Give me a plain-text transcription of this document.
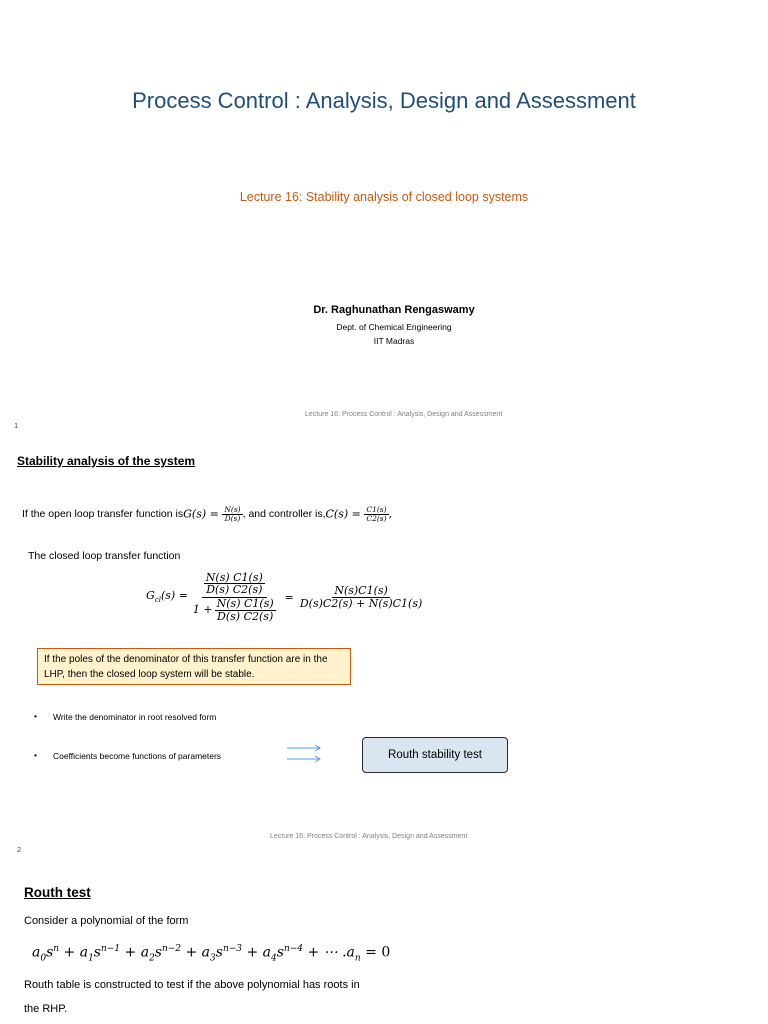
Process Control : Analysis, Design and Assessment
Lecture 16: Stability analysis of closed loop systems
Dr. Raghunathan Rengaswamy
Dept. of Chemical Engineering
IIT Madras
Lecture 16: Process Control : Analysis, Design and Assessment
1
Stability analysis of the system
If the open loop transfer function is $G(s) = \frac{N(s)}{D(s)}$ , and controller is, $C(s) = \frac{C1(s)}{C2(s)}$ ,
The closed loop transfer function
$G_{cl}(s) = \frac{\frac{N(s) C1(s)}{D(s) C2(s)}}{1 + \frac{N(s) C1(s)}{D(s) C2(s)}} = \frac{N(s)C1(s)}{D(s)C2(s) + N(s)C1(s)}$
If the poles of the denominator of this transfer function are in the LHP, then the closed loop system will be stable.
• Write the denominator in root resolved form
• Coefficients become functions of parameters	Routh stability test
Lecture 16: Process Control : Analysis, Design and Assessment
2
Routh test
Consider a polynomial of the form
$a_0s^n + a_1s^{n-1} + a_2s^{n-2} + a_3s^{n-3} + a_4s^{n-4}$ + ⋯ $.a_n = 0$
Routh table is constructed to test if the above polynomial has roots in
the RHP.
